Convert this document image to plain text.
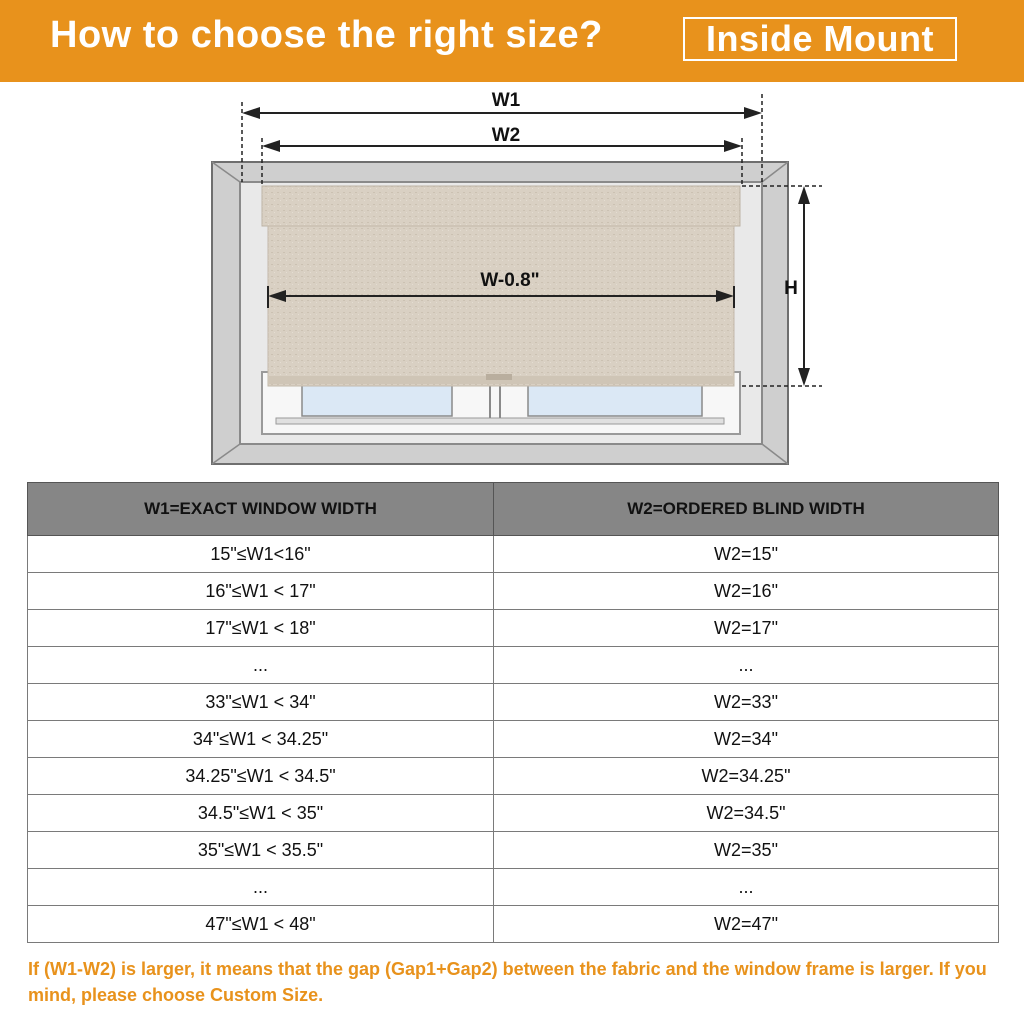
How to choose the right size?	Inside Mount
W1
W2
W-0.8"	H
W1=EXACT WINDOW WIDTH	W2=ORDERED BLIND WIDTH
15"≤W1<16"	W2=15"
16"≤W1 < 17"	W2=16"
17"≤W1 < 18"	W2=17"
...	...
33"≤W1 < 34"	W2=33"
34"≤W1 < 34.25"	W2=34"
34.25"≤W1 < 34.5"	W2=34.25"
34.5"≤W1 < 35"	W2=34.5"
35"≤W1 < 35.5"	W2=35"
...	...
47"≤W1 < 48"	W2=47"
If (W1-W2) is larger, it means that the gap (Gap1+Gap2) between the fabric and the window frame is larger. If you mind, please choose Custom Size.
